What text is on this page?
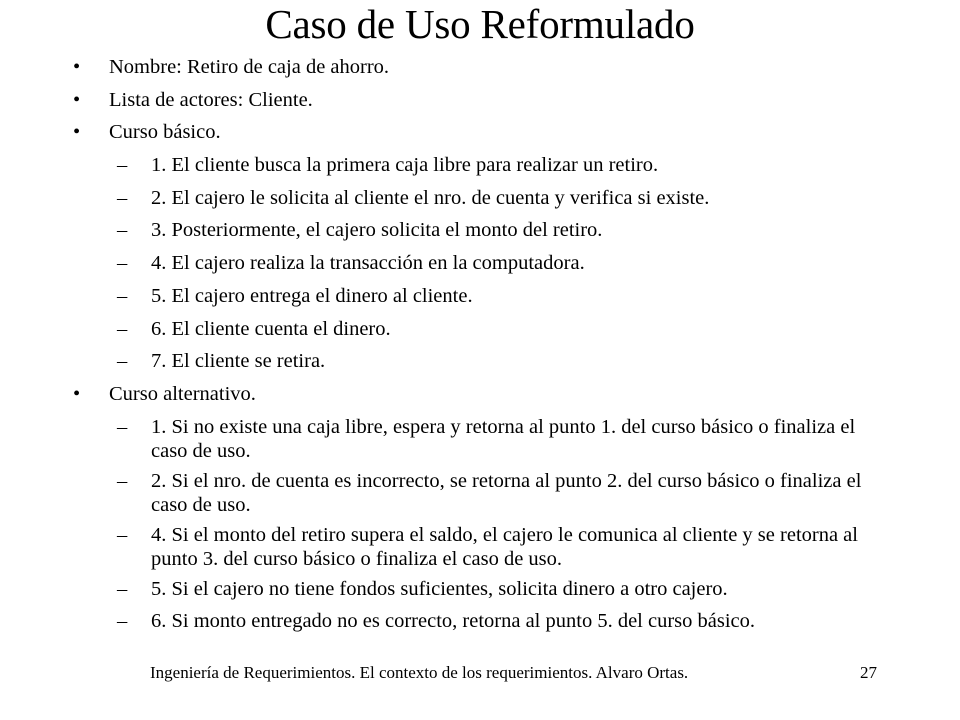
Caso de Uso Reformulado
• Nombre: Retiro de caja de ahorro.
• Lista de actores: Cliente.
• Curso básico.
– 1. El cliente busca la primera caja libre para realizar un retiro.
– 2. El cajero le solicita al cliente el nro. de cuenta y verifica si existe.
– 3. Posteriormente, el cajero solicita el monto del retiro.
– 4. El cajero realiza la transacción en la computadora.
– 5. El cajero entrega el dinero al cliente.
– 6. El cliente cuenta el dinero.
– 7. El cliente se retira.
• Curso alternativo.
– 1. Si no existe una caja libre, espera y retorna al punto 1. del curso básico o finaliza el caso de uso.
– 2. Si el nro. de cuenta es incorrecto, se retorna al punto 2. del curso básico o finaliza el caso de uso.
– 4. Si el monto del retiro supera el saldo, el cajero le comunica al cliente y se retorna al punto 3. del curso básico o finaliza el caso de uso.
– 5. Si el cajero no tiene fondos suficientes, solicita dinero a otro cajero.
– 6. Si monto entregado no es correcto, retorna al punto 5. del curso básico.
Ingeniería de Requerimientos. El contexto de los requerimientos. Alvaro Ortas.	27
